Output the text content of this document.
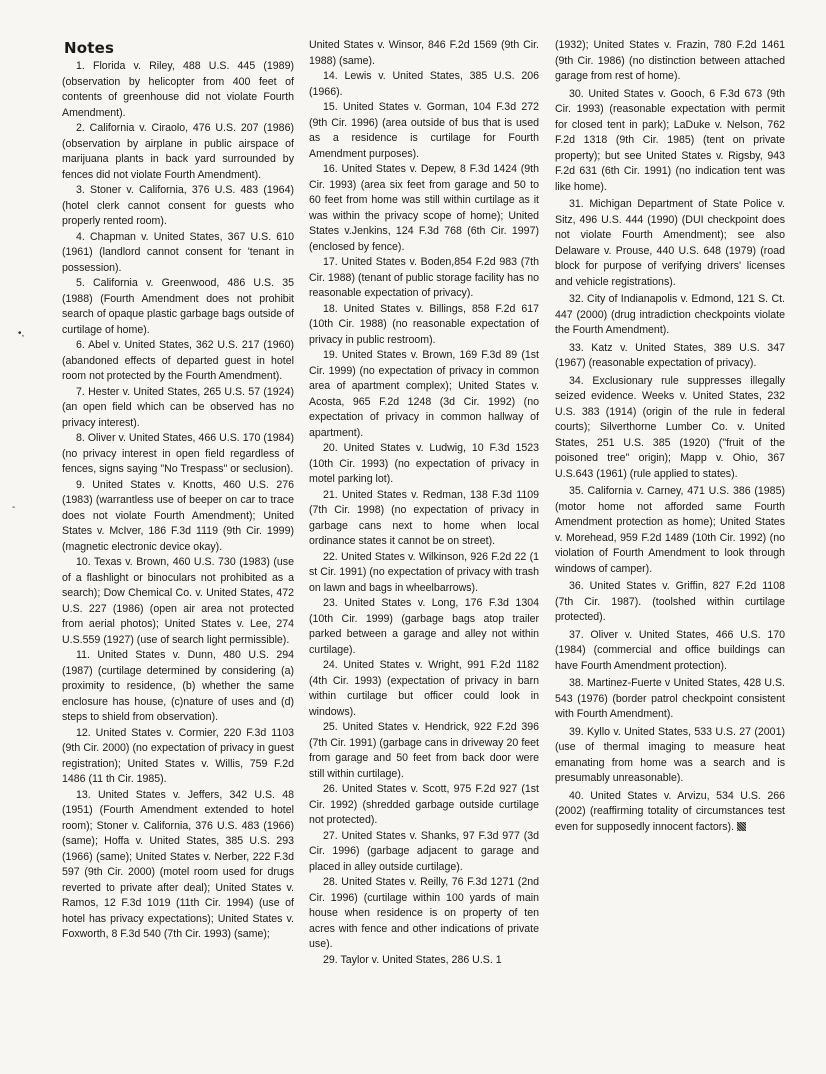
Notes

1. Florida v. Riley, 488 U.S. 445 (1989) (observation by helicopter from 400 feet of contents of greenhouse did not violate Fourth Amendment).

2. California v. Ciraolo, 476 U.S. 207 (1986) (observation by airplane in public airspace of marijuana plants in back yard surrounded by fences did not violate Fourth Amendment).

3. Stoner v. California, 376 U.S. 483 (1964) (hotel clerk cannot consent for guests who properly rented room).

4. Chapman v. United States, 367 U.S. 610 (1961) (landlord cannot consent for 'tenant in possession).

5. California v. Greenwood, 486 U.S. 35 (1988) (Fourth Amendment does not prohibit search of opaque plastic garbage bags outside of curtilage of home).

6. Abel v. United States, 362 U.S. 217 (1960) (abandoned effects of departed guest in hotel room not protected by the Fourth Amendment).

7. Hester v. United States, 265 U.S. 57 (1924) (an open field which can be observed has no privacy interest).

8. Oliver v. United States, 466 U.S. 170 (1984) (no privacy interest in open field regardless of fences, signs saying "No Trespass" or seclusion).

9. United States v. Knotts, 460 U.S. 276 (1983) (warrantless use of beeper on car to trace does not violate Fourth Amendment); United States v. McIver, 186 F.3d 1119 (9th Cir. 1999) (magnetic electronic device okay).

10. Texas v. Brown, 460 U.S. 730 (1983) (use of a flashlight or binoculars not prohibited as a search); Dow Chemical Co. v. United States, 472 U.S. 227 (1986) (open air area not protected from aerial photos); United States v. Lee, 274 U.S.559 (1927) (use of search light permissible).

11. United States v. Dunn, 480 U.S. 294 (1987) (curtilage determined by considering (a) proximity to residence, (b) whether the same enclosure has house, (c)nature of uses and (d) steps to shield from observation).

12. United States v. Cormier, 220 F.3d 1103 (9th Cir. 2000) (no expectation of privacy in guest registration); United States v. Willis, 759 F.2d 1486 (11 th Cir. 1985).

13. United States v. Jeffers, 342 U.S. 48 (1951) (Fourth Amendment extended to hotel room); Stoner v. California, 376 U.S. 483 (1966) (same); Hoffa v. United States, 385 U.S. 293 (1966) (same); United States v. Nerber, 222 F.3d 597 (9th Cir. 2000) (motel room used for drugs reverted to private after deal); United States v. Ramos, 12 F.3d 1019 (11th Cir. 1994) (use of hotel has privacy expectations); United States v. Foxworth, 8 F.3d 540 (7th Cir. 1993) (same);

United States v. Winsor, 846 F.2d 1569 (9th Cir. 1988) (same).

14. Lewis v. United States, 385 U.S. 206 (1966).

15. United States v. Gorman, 104 F.3d 272 (9th Cir. 1996) (area outside of bus that is used as a residence is curtilage for Fourth Amendment purposes).

16. United States v. Depew, 8 F.3d 1424 (9th Cir. 1993) (area six feet from garage and 50 to 60 feet from home was still within curtilage as it was within the privacy scope of home); United States v.Jenkins, 124 F.3d 768 (6th Cir. 1997) (enclosed by fence).

17. United States v. Boden,854 F.2d 983 (7th Cir. 1988) (tenant of public storage facility has no reasonable expectation of privacy).

18. United States v. Billings, 858 F.2d 617 (10th Cir. 1988) (no reasonable expectation of privacy in public restroom).

19. United States v. Brown, 169 F.3d 89 (1st Cir. 1999) (no expectation of privacy in common area of apartment complex); United States v. Acosta, 965 F.2d 1248 (3d Cir. 1992) (no expectation of privacy in common hallway of apartment).

20. United States v. Ludwig, 10 F.3d 1523 (10th Cir. 1993) (no expectation of privacy in motel parking lot).

21. United States v. Redman, 138 F.3d 1109 (7th Cir. 1998) (no expectation of privacy in garbage cans next to home when local ordinance states it cannot be on street).

22. United States v. Wilkinson, 926 F.2d 22 (1 st Cir. 1991) (no expectation of privacy with trash on lawn and bags in wheelbarrows).

23. United States v. Long, 176 F.3d 1304 (10th Cir. 1999) (garbage bags atop trailer parked between a garage and alley not within curtilage).

24. United States v. Wright, 991 F.2d 1182 (4th Cir. 1993) (expectation of privacy in barn within curtilage but officer could look in windows).

25. United States v. Hendrick, 922 F.2d 396 (7th Cir. 1991) (garbage cans in driveway 20 feet from garage and 50 feet from back door were still within curtilage).

26. United States v. Scott, 975 F.2d 927 (1st Cir. 1992) (shredded garbage outside curtilage not protected).

27. United States v. Shanks, 97 F.3d 977 (3d Cir. 1996) (garbage adjacent to garage and placed in alley outside curtilage).

28. United States v. Reilly, 76 F.3d 1271 (2nd Cir. 1996) (curtilage within 100 yards of main house when residence is on property of ten acres with fence and other indications of private use).

29. Taylor v. United States, 286 U.S. 1

(1932); United States v. Frazin, 780 F.2d 1461 (9th Cir. 1986) (no distinction between attached garage from rest of home).

30. United States v. Gooch, 6 F.3d 673 (9th Cir. 1993) (reasonable expectation with permit for closed tent in park); LaDuke v. Nelson, 762 F.2d 1318 (9th Cir. 1985) (tent on private property); but see United States v. Rigsby, 943 F.2d 631 (6th Cir. 1991) (no indication tent was like home).

31. Michigan Department of State Police v. Sitz, 496 U.S. 444 (1990) (DUI checkpoint does not violate Fourth Amendment); see also Delaware v. Prouse, 440 U.S. 648 (1979) (road block for purpose of verifying drivers' licenses and vehicle registrations).

32. City of Indianapolis v. Edmond, 121 S. Ct. 447 (2000) (drug intradiction checkpoints violate the Fourth Amendment).

33. Katz v. United States, 389 U.S. 347 (1967) (reasonable expectation of privacy).

34. Exclusionary rule suppresses illegally seized evidence. Weeks v. United States, 232 U.S. 383 (1914) (origin of the rule in federal courts); Silverthorne Lumber Co. v. United States, 251 U.S. 385 (1920) ("fruit of the poisoned tree" origin); Mapp v. Ohio, 367 U.S.643 (1961) (rule applied to states).

35. California v. Carney, 471 U.S. 386 (1985) (motor home not afforded same Fourth Amendment protection as home); United States v. Morehead, 959 F.2d 1489 (10th Cir. 1992) (no violation of Fourth Amendment to look through windows of camper).

36. United States v. Griffin, 827 F.2d 1108 (7th Cir. 1987). (toolshed within curtilage protected).

37. Oliver v. United States, 466 U.S. 170 (1984) (commercial and office buildings can have Fourth Amendment protection).

38. Martinez-Fuerte v United States, 428 U.S. 543 (1976) (border patrol checkpoint consistent with Fourth Amendment).

39. Kyllo v. United States, 533 U.S. 27 (2001) (use of thermal imaging to measure heat emanating from home was a search and is presumably unreasonable).

40. United States v. Arvizu, 534 U.S. 266 (2002) (reaffirming totality of circumstances test even for supposedly innocent factors).

•,
-
